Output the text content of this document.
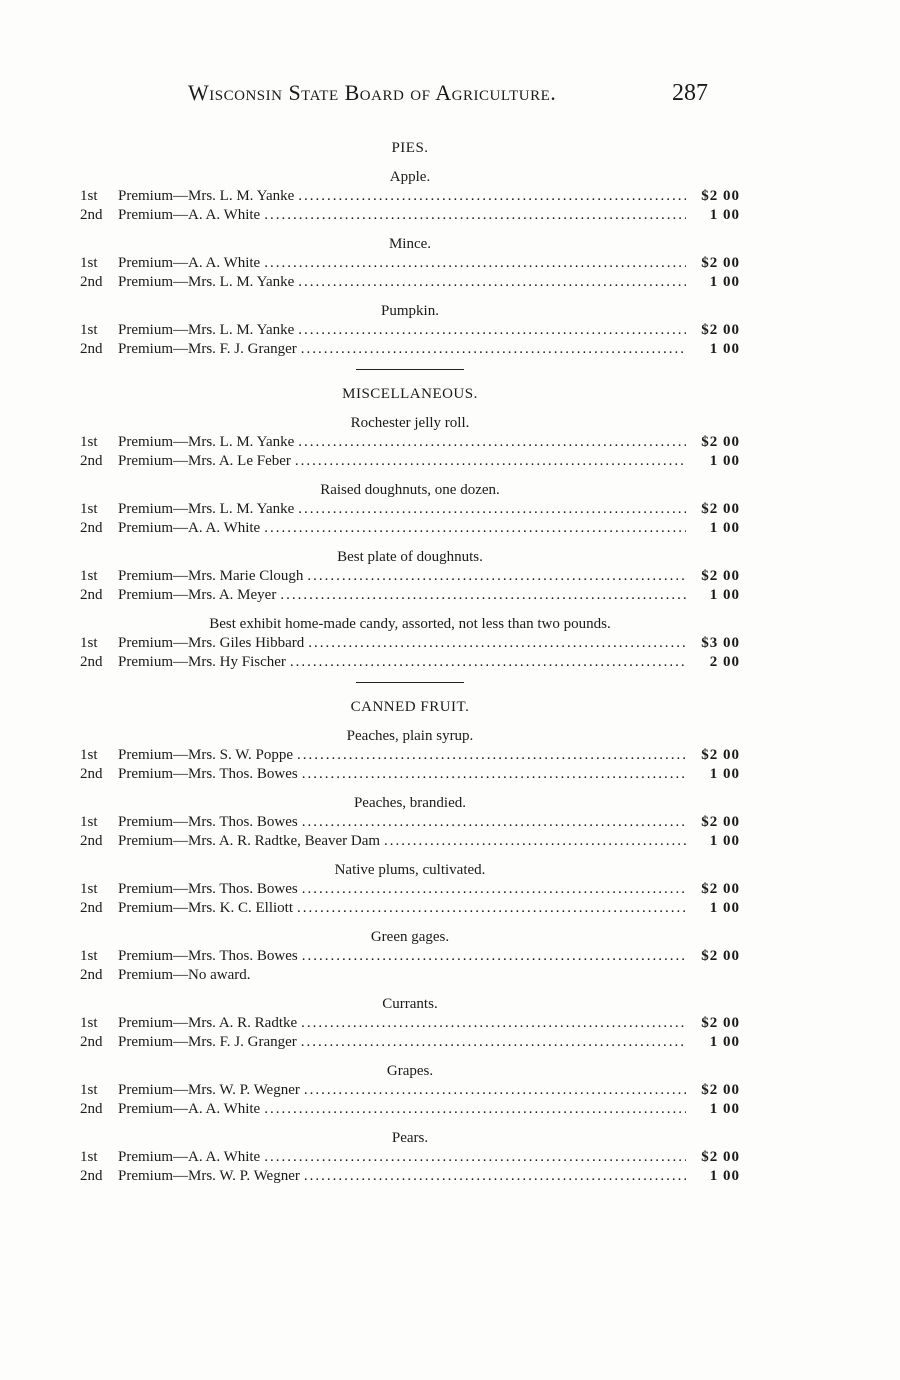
Wisconsin State Board of Agriculture.	287
PIES.
Apple.
1st	Premium—Mrs. L. M. Yanke .....	$2 00
2nd	Premium—A. A. White .....	1 00
Mince.
1st	Premium—A. A. White .....	$2 00
2nd	Premium—Mrs. L. M. Yanke .....	1 00
Pumpkin.
1st	Premium—Mrs. L. M. Yanke .....	$2 00
2nd	Premium—Mrs. F. J. Granger .....	1 00
MISCELLANEOUS.
Rochester jelly roll.
1st	Premium—Mrs. L. M. Yanke .....	$2 00
2nd	Premium—Mrs. A. Le Feber .....	1 00
Raised doughnuts, one dozen.
1st	Premium—Mrs. L. M. Yanke .....	$2 00
2nd	Premium—A. A. White .....	1 00
Best plate of doughnuts.
1st	Premium—Mrs. Marie Clough .....	$2 00
2nd	Premium—Mrs. A. Meyer .....	1 00
Best exhibit home-made candy, assorted, not less than two pounds.
1st	Premium—Mrs. Giles Hibbard .....	$3 00
2nd	Premium—Mrs. Hy Fischer .....	2 00
CANNED FRUIT.
Peaches, plain syrup.
1st	Premium—Mrs. S. W. Poppe .....	$2 00
2nd	Premium—Mrs. Thos. Bowes .....	1 00
Peaches, brandied.
1st	Premium—Mrs. Thos. Bowes .....	$2 00
2nd	Premium—Mrs. A. R. Radtke, Beaver Dam .....	1 00
Native plums, cultivated.
1st	Premium—Mrs. Thos. Bowes .....	$2 00
2nd	Premium—Mrs. K. C. Elliott .....	1 00
Green gages.
1st	Premium—Mrs. Thos. Bowes .....	$2 00
2nd	Premium—No award.
Currants.
1st	Premium—Mrs. A. R. Radtke .....	$2 00
2nd	Premium—Mrs. F. J. Granger .....	1 00
Grapes.
1st	Premium—Mrs. W. P. Wegner .....	$2 00
2nd	Premium—A. A. White .....	1 00
Pears.
1st	Premium—A. A. White .....	$2 00
2nd	Premium—Mrs. W. P. Wegner .....	1 00
